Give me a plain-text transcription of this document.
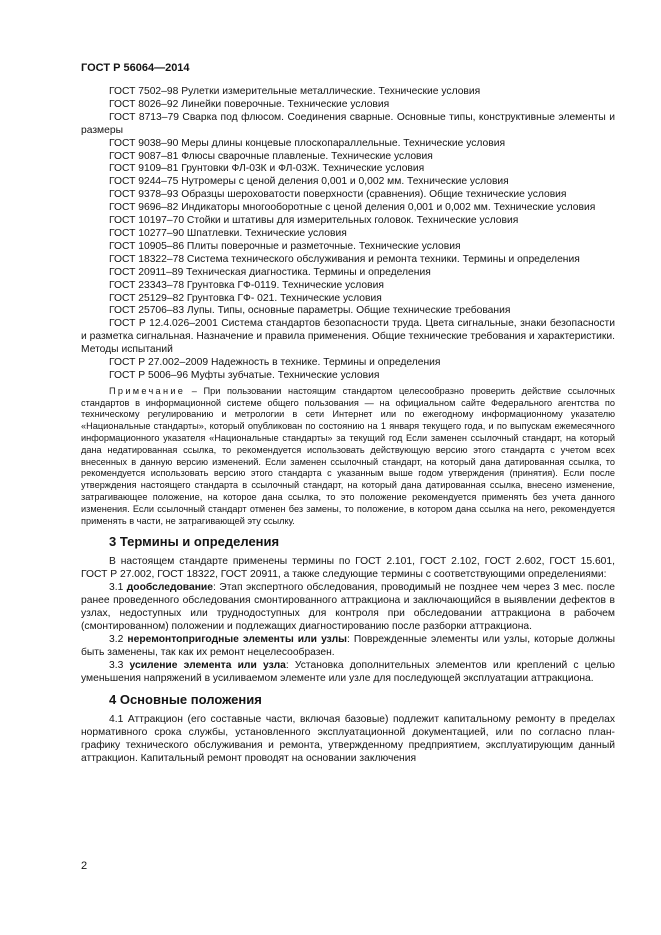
ГОСТ Р 56064—2014

ГОСТ 7502–98 Рулетки измерительные металлические. Технические условия

ГОСТ 8026–92 Линейки поверочные. Технические условия

ГОСТ 8713–79 Сварка под флюсом. Соединения сварные. Основные типы, конструктивные элементы и размеры

ГОСТ 9038–90 Меры длины концевые плоскопараллельные. Технические условия

ГОСТ 9087–81 Флюсы сварочные плавленые. Технические условия

ГОСТ 9109–81 Грунтовки ФЛ-03К и ФЛ-03Ж. Технические условия

ГОСТ 9244–75 Нутромеры с ценой деления 0,001 и 0,002 мм. Технические условия

ГОСТ 9378–93 Образцы шероховатости поверхности (сравнения). Общие технические условия

ГОСТ 9696–82 Индикаторы многооборотные с ценой деления 0,001 и 0,002 мм. Технические условия

ГОСТ 10197–70 Стойки и штативы для измерительных головок. Технические условия

ГОСТ 10277–90 Шпатлевки. Технические условия

ГОСТ 10905–86 Плиты поверочные и разметочные. Технические условия

ГОСТ 18322–78 Система технического обслуживания и ремонта техники. Термины и определения

ГОСТ 20911–89 Техническая диагностика. Термины и определения

ГОСТ 23343–78 Грунтовка ГФ-0119. Технические условия

ГОСТ 25129–82 Грунтовка ГФ- 021. Технические условия

ГОСТ 25706–83 Лупы. Типы, основные параметры. Общие технические требования

ГОСТ Р 12.4.026–2001 Система стандартов безопасности труда. Цвета сигнальные, знаки безопасности и разметка сигнальная. Назначение и правила применения. Общие технические требования и характеристики. Методы испытаний

ГОСТ Р 27.002–2009 Надежность в технике. Термины и определения

ГОСТ Р 5006–96 Муфты зубчатые. Технические условия

Примечание – При пользовании настоящим стандартом целесообразно проверить действие ссылочных стандартов в информационной системе общего пользования — на официальном сайте Федерального агентства по техническому регулированию и метрологии в сети Интернет или по ежегодному информационному указателю «Национальные стандарты», который опубликован по состоянию на 1 января текущего года, и по выпускам ежемесячного информационного указателя «Национальные стандарты» за текущий год Если заменен ссылочный стандарт, на который дана недатированная ссылка, то рекомендуется использовать действующую версию этого стандарта с учетом всех внесенных в данную версию изменений. Если заменен ссылочный стандарт, на который дана датированная ссылка, то рекомендуется использовать версию этого стандарта с указанным выше годом утверждения (принятия). Если после утверждения настоящего стандарта в ссылочный стандарт, на который дана датированная ссылка, внесено изменение, затрагивающее положение, на которое дана ссылка, то это положение рекомендуется применять без учета данного изменения. Если ссылочный стандарт отменен без замены, то положение, в котором дана ссылка на него, рекомендуется применять в части, не затрагивающей эту ссылку.

3 Термины и определения

В настоящем стандарте применены термины по ГОСТ 2.101, ГОСТ 2.102, ГОСТ 2.602, ГОСТ 15.601, ГОСТ Р 27.002, ГОСТ 18322, ГОСТ 20911, а также следующие термины с соответствующими определениями:

3.1 дообследование: Этап экспертного обследования, проводимый не позднее чем через 3 мес. после ранее проведенного обследования смонтированного аттракциона и заключающийся в выявлении дефектов в узлах, недоступных или труднодоступных для контроля при обследовании аттракциона в рабочем (смонтированном) положении и подлежащих диагностированию после разборки аттракциона.

3.2 неремонтопригодные элементы или узлы: Поврежденные элементы или узлы, которые должны быть заменены, так как их ремонт нецелесообразен.

3.3 усиление элемента или узла: Установка дополнительных элементов или креплений с целью уменьшения напряжений в усиливаемом элементе или узле для последующей эксплуатации аттракциона.

4 Основные положения

4.1 Аттракцион (его составные части, включая базовые) подлежит капитальному ремонту в пределах нормативного срока службы, установленного эксплуатационной документацией, или по согласно план-графику технического обслуживания и ремонта, утвержденному предприятием, эксплуатирующим данный аттракцион. Капитальный ремонт проводят на основании заключения

2
